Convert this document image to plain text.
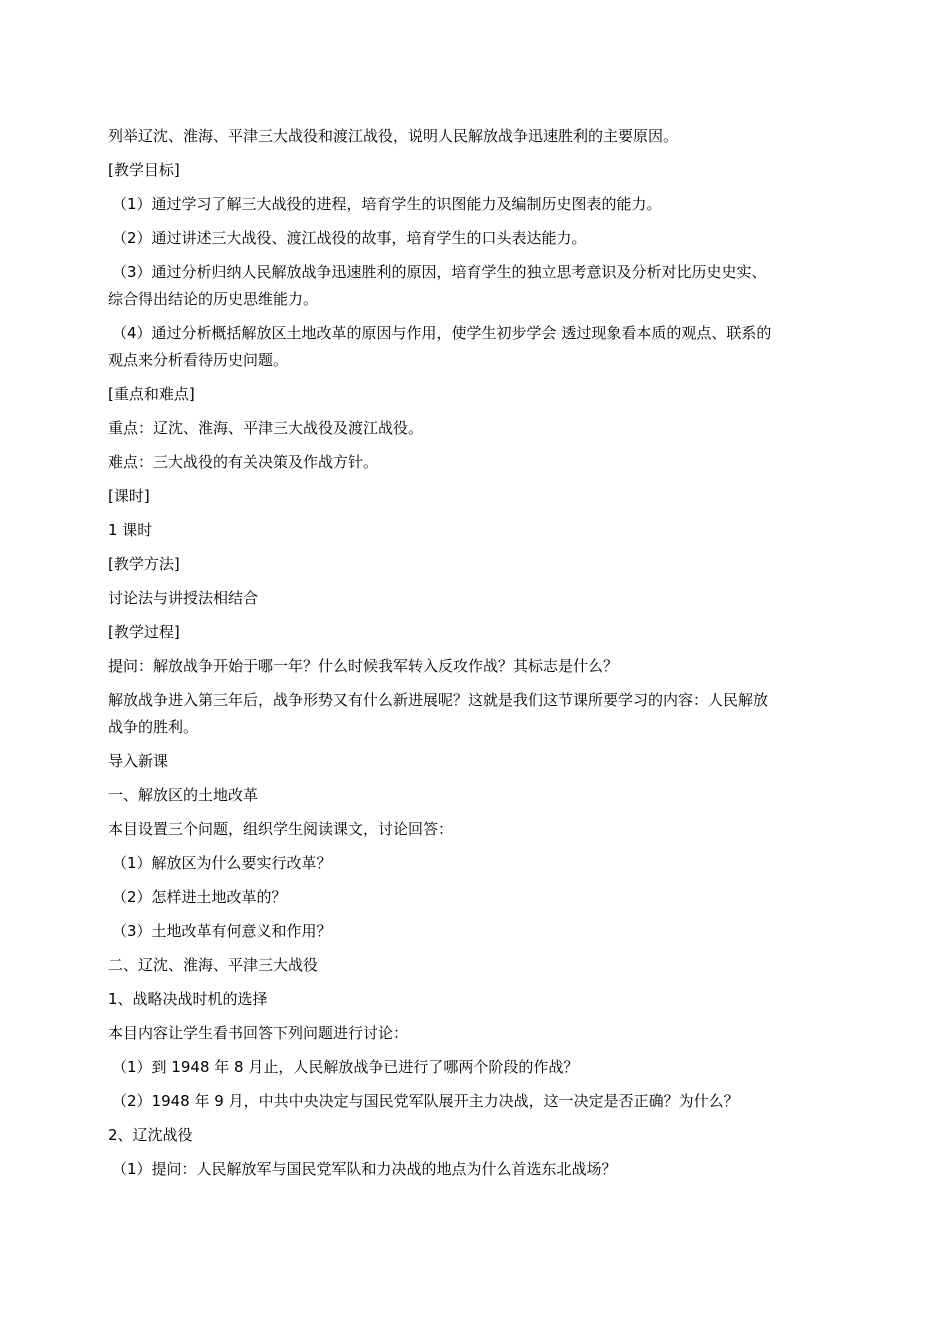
列举辽沈、淮海、平津三大战役和渡江战役，说明人民解放战争迅速胜利的主要原因。

[教学目标]

（1）通过学习了解三大战役的进程，培育学生的识图能力及编制历史图表的能力。

（2）通过讲述三大战役、渡江战役的故事，培育学生的口头表达能力。

（3）通过分析归纳人民解放战争迅速胜利的原因，培育学生的独立思考意识及分析对比历史史实、

综合得出结论的历史思维能力。

（4）通过分析概括解放区土地改革的原因与作用，使学生初步学会 透过现象看本质的观点、联系的

观点来分析看待历史问题。

[重点和难点]

重点：辽沈、淮海、平津三大战役及渡江战役。

难点：三大战役的有关决策及作战方针。

[课时]

1 课时

[教学方法]

讨论法与讲授法相结合

[教学过程]

提问：解放战争开始于哪一年？什么时候我军转入反攻作战？其标志是什么？

解放战争进入第三年后，战争形势又有什么新进展呢？这就是我们这节课所要学习的内容：人民解放

战争的胜利。

导入新课

一、解放区的土地改革

本目设置三个问题，组织学生阅读课文，讨论回答：

（1）解放区为什么要实行改革？

（2）怎样进土地改革的？

（3）土地改革有何意义和作用？

二、辽沈、淮海、平津三大战役

1、战略决战时机的选择

本目内容让学生看书回答下列问题进行讨论：

（1）到 1948 年 8 月止，人民解放战争已进行了哪两个阶段的作战？

（2）1948 年 9 月，中共中央决定与国民党军队展开主力决战，这一决定是否正确？为什么？

2、辽沈战役

（1）提问：人民解放军与国民党军队和力决战的地点为什么首选东北战场？
